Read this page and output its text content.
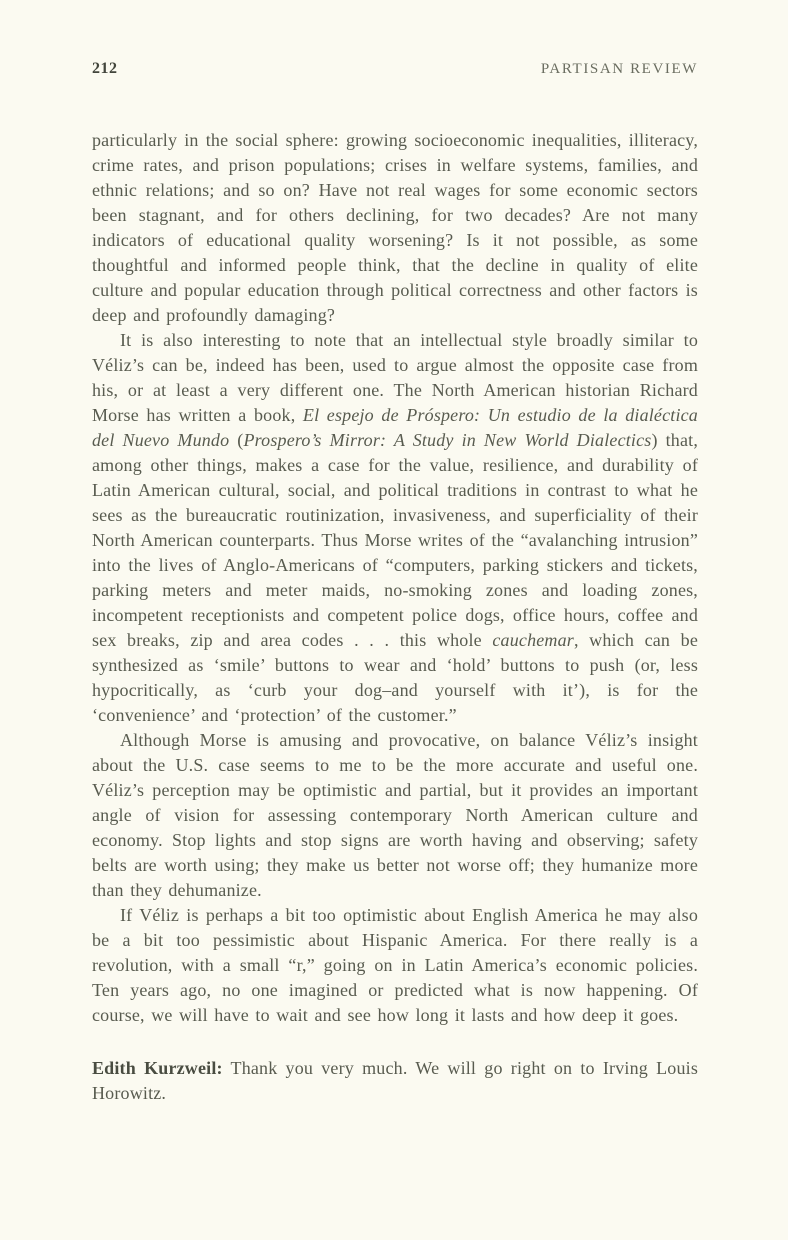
212	PARTISAN REVIEW

particularly in the social sphere: growing socioeconomic inequalities, illiteracy, crime rates, and prison populations; crises in welfare systems, families, and ethnic relations; and so on? Have not real wages for some economic sectors been stagnant, and for others declining, for two decades? Are not many indicators of educational quality worsening? Is it not possible, as some thoughtful and informed people think, that the decline in quality of elite culture and popular education through political correctness and other factors is deep and profoundly damaging?

It is also interesting to note that an intellectual style broadly similar to Véliz’s can be, indeed has been, used to argue almost the opposite case from his, or at least a very different one. The North American historian Richard Morse has written a book, El espejo de Próspero: Un estudio de la dialéctica del Nuevo Mundo (Prospero’s Mirror: A Study in New World Dialectics) that, among other things, makes a case for the value, resilience, and durability of Latin American cultural, social, and political traditions in contrast to what he sees as the bureaucratic routinization, invasiveness, and superficiality of their North American counterparts. Thus Morse writes of the “avalanching intrusion” into the lives of Anglo-Americans of “computers, parking stickers and tickets, parking meters and meter maids, no-smoking zones and loading zones, incompetent receptionists and competent police dogs, office hours, coffee and sex breaks, zip and area codes . . . this whole cauchemar, which can be synthesized as ‘smile’ buttons to wear and ‘hold’ buttons to push (or, less hypocritically, as ‘curb your dog–and yourself with it’), is for the ‘convenience’ and ‘protection’ of the customer.”

Although Morse is amusing and provocative, on balance Véliz’s insight about the U.S. case seems to me to be the more accurate and useful one. Véliz’s perception may be optimistic and partial, but it provides an important angle of vision for assessing contemporary North American culture and economy. Stop lights and stop signs are worth having and observing; safety belts are worth using; they make us better not worse off; they humanize more than they dehumanize.

If Véliz is perhaps a bit too optimistic about English America he may also be a bit too pessimistic about Hispanic America. For there really is a revolution, with a small “r,” going on in Latin America’s economic policies. Ten years ago, no one imagined or predicted what is now happening. Of course, we will have to wait and see how long it lasts and how deep it goes.

Edith Kurzweil: Thank you very much. We will go right on to Irving Louis Horowitz.
